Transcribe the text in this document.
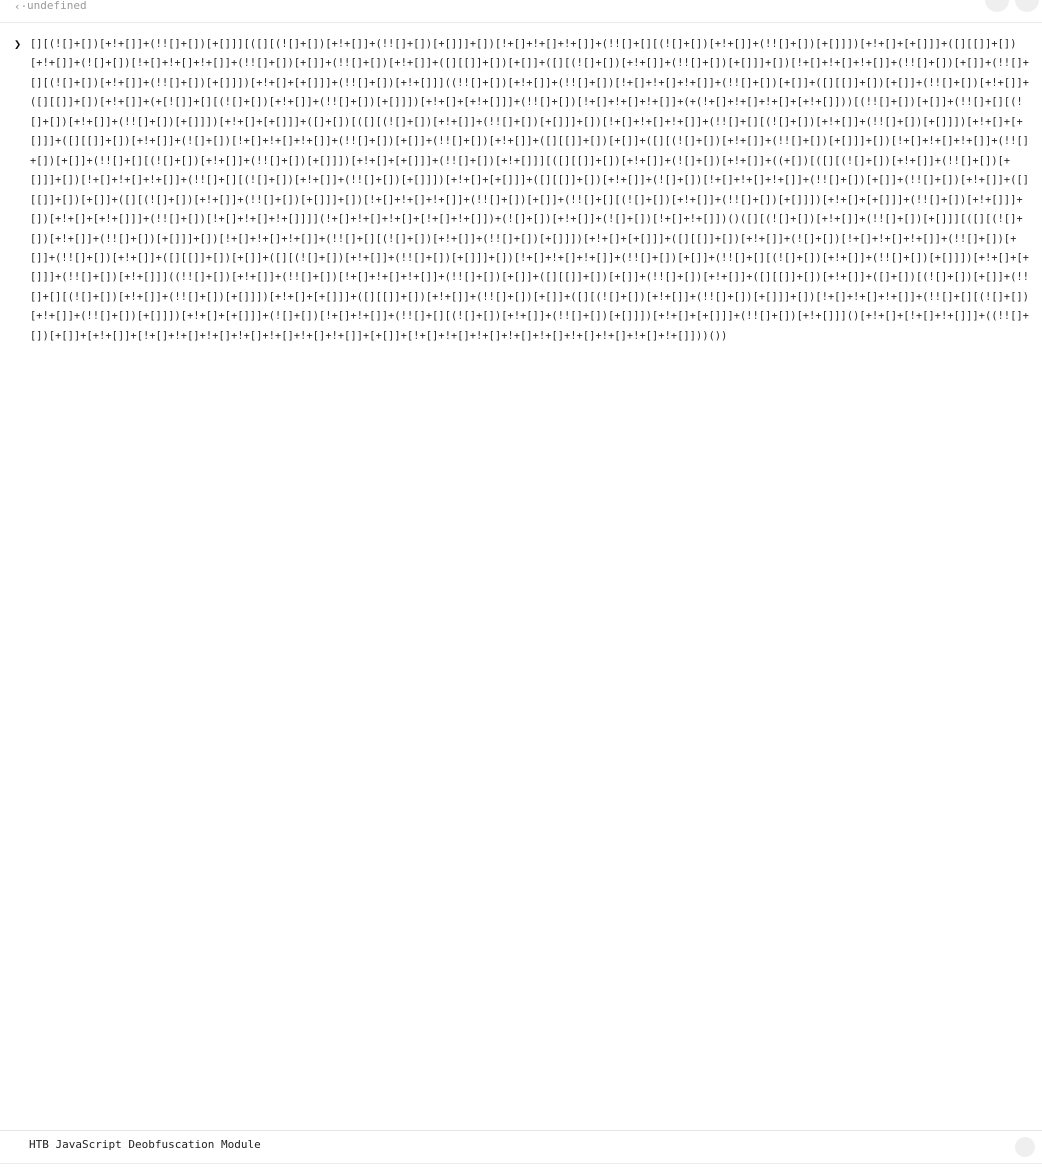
‹· undefined
❯ [][(![]+[])[+!+[]]+(!![]+[])[+[]]][([][(![]+[])[+!+[]]+(!![]+[])[+[]]]+[])[!+[]+!+[]+!+[]]+(!![]+[][(![]+[])[+!+[]]+(!![]+[])[+[]]])[+!+[]+[+[]]]+([][[]]+[])[+!+[]]+(![]+[])[!+[]+!+[]+!+[]]+(!![]+[])[+[]]+(!![]+[])[+!+[]]+([][[]]+[])[+[]]+([][(![]+[])[+!+[]]+(!![]+[])[+[]]]+[])[!+[]+!+[]+!+[]]+(!![]+[])[+[]]+(!![]+[][(![]+[])[+!+[]]+(!![]+[])[+[]]])[+!+[]+[+[]]]+(!![]+[])[+!+[]]]((!![]+[])[+!+[]]+(!![]+[])[!+[]+!+[]+!+[]]+(!![]+[])[+[]]+([][[]]+[])[+[]]+(!![]+[])[+!+[]]+([][[]]+[])[+!+[]]+(+[![]]+[][(![]+[])[+!+[]]+(!![]+[])[+[]]])[+!+[]+[+!+[]]]+(!![]+[])[!+[]+!+[]+!+[]]+(+(!+[]+!+[]+!+[]+[+!+[]]))[(!![]+[])[+[]]+(!![]+[][(![]+[])[+!+[]]+(!![]+[])[+[]]])[+!+[]+[+[]]]+([]+[])[([][(![]+[])[+!+[]]+(!![]+[])[+[]]]+[])[!+[]+!+[]+!+[]]+(!![]+[][(![]+[])[+!+[]]+(!![]+[])[+[]]])[+!+[]+[+[]]]+([][[]]+[])[+!+[]]+(![]+[])[!+[]+!+[]+!+[]]+(!![]+[])[+[]]+(!![]+[])[+!+[]]+([][[]]+[])[+[]]+([][(![]+[])[+!+[]]+(!![]+[])[+[]]]+[])[!+[]+!+[]+!+[]]+(!![]+[])[+[]]+(!![]+[][(![]+[])[+!+[]]+(!![]+[])[+[]]])[+!+[]+[+[]]]+(!![]+[])[+!+[]]][([][[]]+[])[+!+[]]+(![]+[])[+!+[]]+((+[])[([][(![]+[])[+!+[]]+(!![]+[])[+[]]]+[])[!+[]+!+[]+!+[]]+(!![]+[][(![]+[])[+!+[]]+(!![]+[])[+[]]])[+!+[]+[+[]]]+([][[]]+[])[+!+[]]+(![]+[])[!+[]+!+[]+!+[]]+(!![]+[])[+[]]+(!![]+[])[+!+[]]+([][[]]+[])[+[]]+([][(![]+[])[+!+[]]+(!![]+[])[+[]]]+[])[!+[]+!+[]+!+[]]+(!![]+[])[+[]]+(!![]+[][(![]+[])[+!+[]]+(!![]+[])[+[]]])[+!+[]+[+[]]]+(!![]+[])[+!+[]]]+[])[+!+[]+[+!+[]]]+(!![]+[])[!+[]+!+[]+!+[]]]](!+[]+!+[]+!+[]+[!+[]+!+[]])+(![]+[])[+!+[]]+(![]+[])[!+[]+!+[]])()([][(![]+[])[+!+[]]+(!![]+[])[+[]]][([][(![]+[])[+!+[]]+(!![]+[])[+[]]]+[])[!+[]+!+[]+!+[]]+(!![]+[][(![]+[])[+!+[]]+(!![]+[])[+[]]])[+!+[]+[+[]]]+([][[]]+[])[+!+[]]+(![]+[])[!+[]+!+[]+!+[]]+(!![]+[])[+[]]+(!![]+[])[+!+[]]+([][[]]+[])[+[]]+([][(![]+[])[+!+[]]+(!![]+[])[+[]]]+[])[!+[]+!+[]+!+[]]+(!![]+[])[+[]]+(!![]+[][(![]+[])[+!+[]]+(!![]+[])[+[]]])[+!+[]+[+[]]]+(!![]+[])[+!+[]]]((!![]+[])[+!+[]]+(!![]+[])[!+[]+!+[]+!+[]]+(!![]+[])[+[]]+([][[]]+[])[+[]]+(!![]+[])[+!+[]]+([][[]]+[])[+!+[]]+([]+[])[(![]+[])[+[]]+(!![]+[][(![]+[])[+!+[]]+(!![]+[])[+[]]])[+!+[]+[+[]]]+([][[]]+[])[+!+[]]+(!![]+[])[+[]]+([][(![]+[])[+!+[]]+(!![]+[])[+[]]]+[])[!+[]+!+[]+!+[]]+(!![]+[][(![]+[])[+!+[]]+(!![]+[])[+[]]])[+!+[]+[+[]]]+(![]+[])[!+[]+!+[]]+(!![]+[][(![]+[])[+!+[]]+(!![]+[])[+[]]])[+!+[]+[+[]]]+(!![]+[])[+!+[]]]()[+!+[]+[!+[]+!+[]]]+((!![]+[])[+[]]+[+!+[]]+[!+[]+!+[]+!+[]+!+[]+!+[]+!+[]+!+[]]+[+[]]+[!+[]+!+[]+!+[]+!+[]+!+[]+!+[]+!+[]+!+[]+!+[]]))())
HTB JavaScript Deobfuscation Module
